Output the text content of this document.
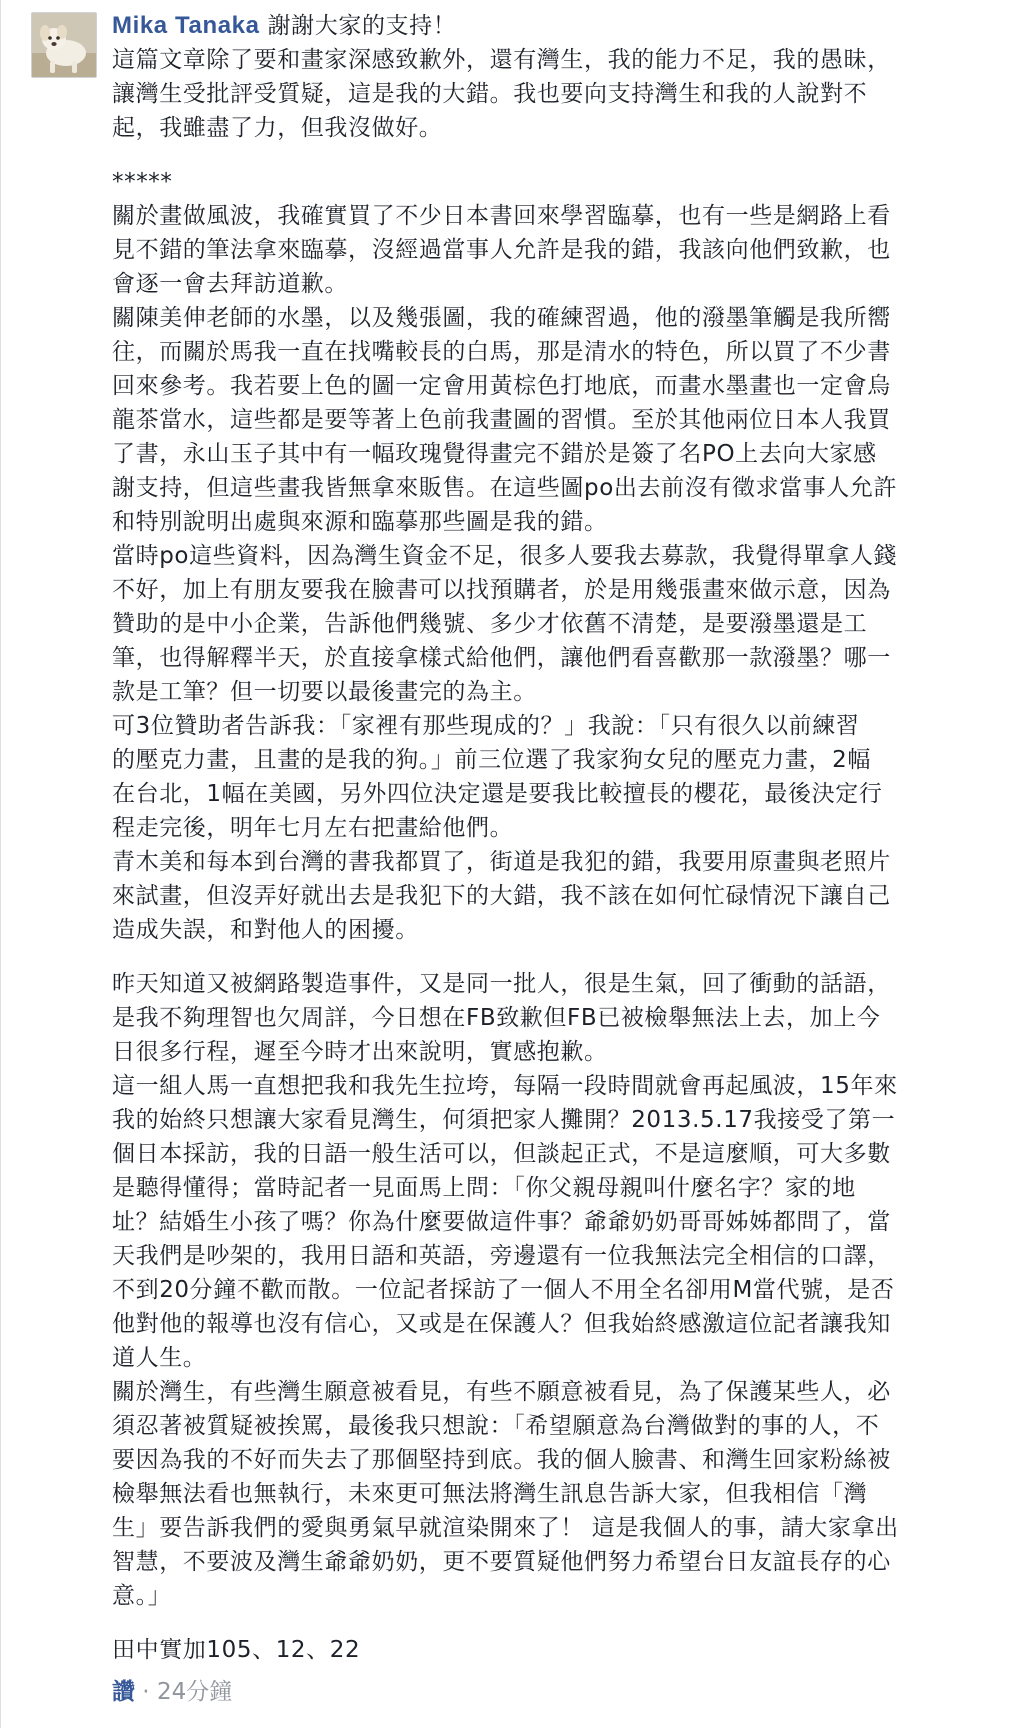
Mika Tanaka 謝謝大家的支持！
這篇文章除了要和畫家深感致歉外，還有灣生，我的能力不足，我的愚昧，
讓灣生受批評受質疑，這是我的大錯。我也要向支持灣生和我的人說對不
起，我雖盡了力，但我沒做好。
*****
關於畫做風波，我確實買了不少日本書回來學習臨摹，也有一些是網路上看
見不錯的筆法拿來臨摹，沒經過當事人允許是我的錯，我該向他們致歉，也
會逐一會去拜訪道歉。
關陳美伸老師的水墨，以及幾張圖，我的確練習過，他的潑墨筆觸是我所嚮
往，而關於馬我一直在找嘴較長的白馬，那是清水的特色，所以買了不少書
回來參考。我若要上色的圖一定會用黃棕色打地底，而畫水墨畫也一定會烏
龍茶當水，這些都是要等著上色前我畫圖的習慣。至於其他兩位日本人我買
了書，永山玉子其中有一幅玫瑰覺得畫完不錯於是簽了名PO上去向大家感
謝支持，但這些畫我皆無拿來販售。在這些圖po出去前沒有徵求當事人允許
和特別說明出處與來源和臨摹那些圖是我的錯。
當時po這些資料，因為灣生資金不足，很多人要我去募款，我覺得單拿人錢
不好，加上有朋友要我在臉書可以找預購者，於是用幾張畫來做示意，因為
贊助的是中小企業，告訴他們幾號、多少才依舊不清楚，是要潑墨還是工
筆，也得解釋半天，於直接拿樣式給他們，讓他們看喜歡那一款潑墨？哪一
款是工筆？但一切要以最後畫完的為主。
可3位贊助者告訴我：「家裡有那些現成的？」我說：「只有很久以前練習
的壓克力畫，且畫的是我的狗。」前三位選了我家狗女兒的壓克力畫，2幅
在台北，1幅在美國，另外四位決定還是要我比較擅長的櫻花，最後決定行
程走完後，明年七月左右把畫給他們。
青木美和每本到台灣的書我都買了，街道是我犯的錯，我要用原畫與老照片
來試畫，但沒弄好就出去是我犯下的大錯，我不該在如何忙碌情況下讓自己
造成失誤，和對他人的困擾。
昨天知道又被網路製造事件，又是同一批人，很是生氣，回了衝動的話語，
是我不夠理智也欠周詳，今日想在FB致歉但FB已被檢舉無法上去，加上今
日很多行程，遲至今時才出來說明，實感抱歉。
這一組人馬一直想把我和我先生拉垮，每隔一段時間就會再起風波，15年來
我的始終只想讓大家看見灣生，何須把家人攤開？2013.5.17我接受了第一
個日本採訪，我的日語一般生活可以，但談起正式，不是這麼順，可大多數
是聽得懂得；當時記者一見面馬上問：「你父親母親叫什麼名字？家的地
址？結婚生小孩了嗎？你為什麼要做這件事？爺爺奶奶哥哥姊姊都問了，當
天我們是吵架的，我用日語和英語，旁邊還有一位我無法完全相信的口譯，
不到20分鐘不歡而散。一位記者採訪了一個人不用全名卻用M當代號，是否
他對他的報導也沒有信心，又或是在保護人？但我始終感激這位記者讓我知
道人生。
關於灣生，有些灣生願意被看見，有些不願意被看見，為了保護某些人，必
須忍著被質疑被挨罵，最後我只想說：「希望願意為台灣做對的事的人，不
要因為我的不好而失去了那個堅持到底。我的個人臉書、和灣生回家粉絲被
檢舉無法看也無執行，未來更可無法將灣生訊息告訴大家，但我相信「灣
生」要告訴我們的愛與勇氣早就渲染開來了！ 這是我個人的事，請大家拿出
智慧，不要波及灣生爺爺奶奶，更不要質疑他們努力希望台日友誼長存的心
意。」
田中實加105、12、22
讚 · 24分鐘
